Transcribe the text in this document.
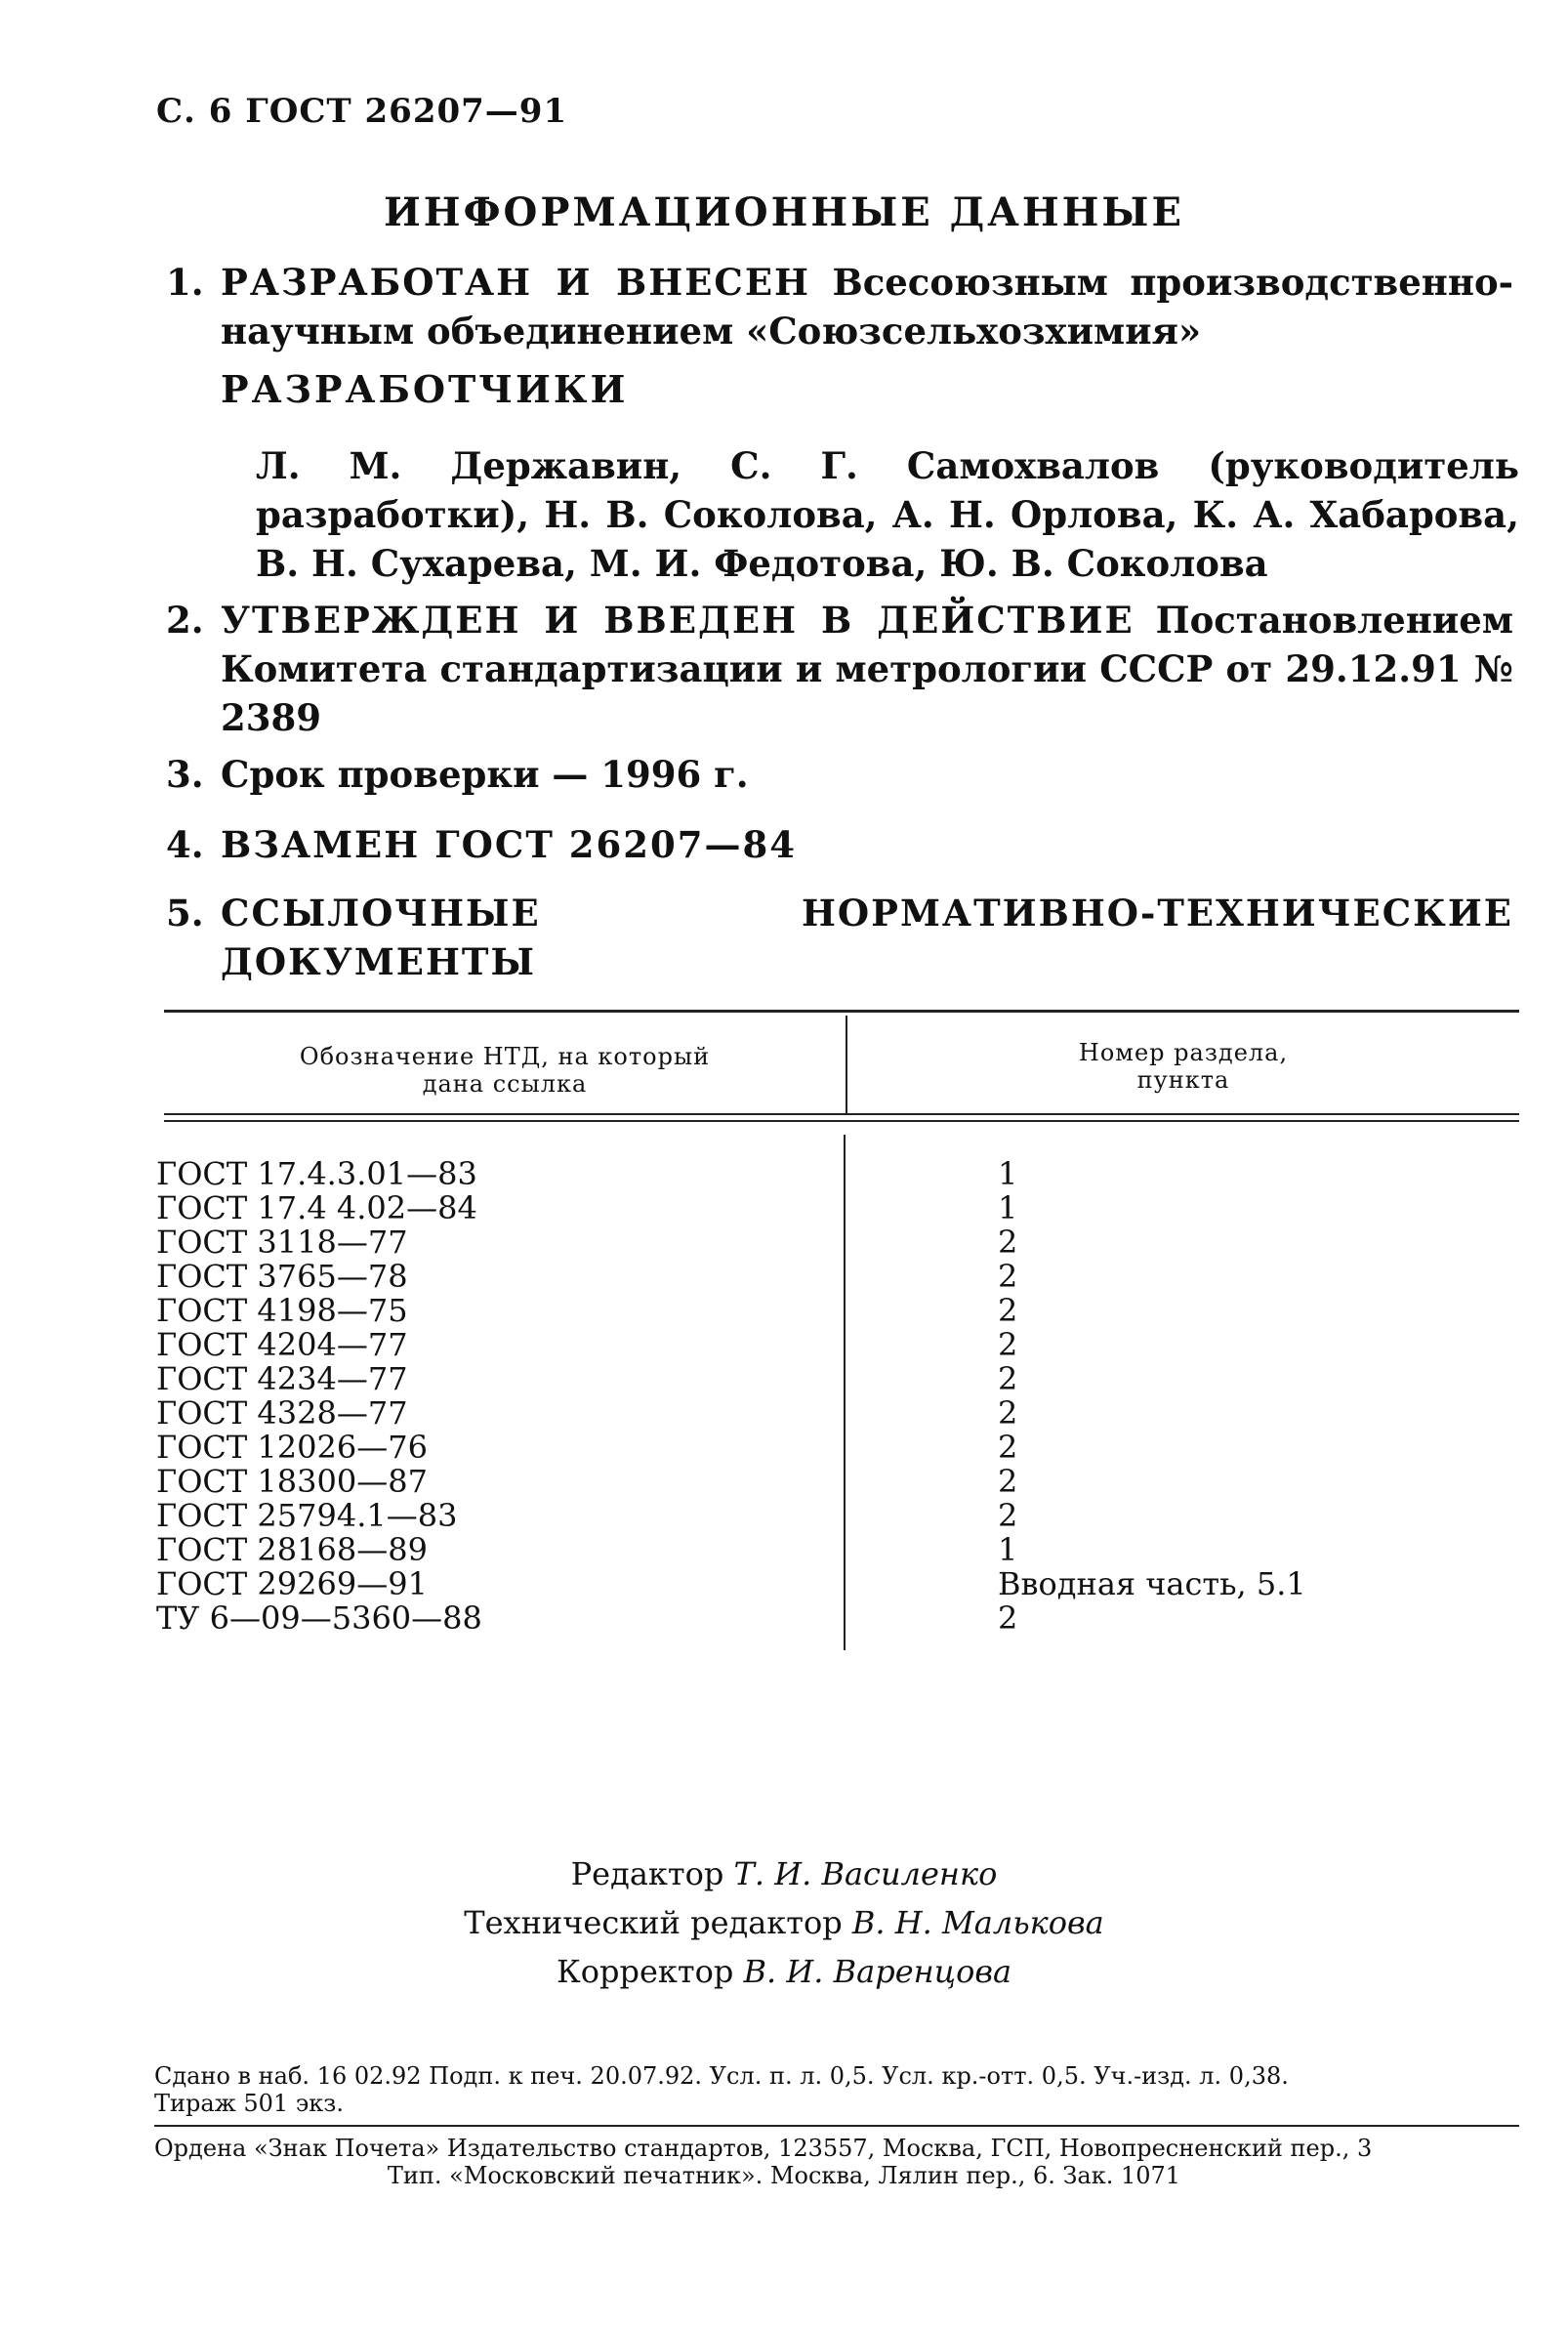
С. 6 ГОСТ 26207—91
ИНФОРМАЦИОННЫЕ ДАННЫЕ
1. РАЗРАБОТАН И ВНЕСЕН Всесоюзным производственно-научным объединением «Союзсельхозхимия»
РАЗРАБОТЧИКИ
Л. М. Державин, С. Г. Самохвалов (руководитель разработки), Н. В. Соколова, А. Н. Орлова, К. А. Хабарова, В. Н. Сухарева, М. И. Федотова, Ю. В. Соколова
2. УТВЕРЖДЕН И ВВЕДЕН В ДЕЙСТВИЕ Постановлением Комитета стандартизации и метрологии СССР от 29.12.91 № 2389
3. Срок проверки — 1996 г.
4. ВЗАМЕН ГОСТ 26207—84
5. ССЫЛОЧНЫЕ НОРМАТИВНО-ТЕХНИЧЕСКИЕ ДОКУМЕНТЫ
Обозначение НТД, на который
дана ссылка
Номер раздела,
пункта
ГОСТ 17.4.3.01—83
ГОСТ 17.4 4.02—84
ГОСТ 3118—77
ГОСТ 3765—78
ГОСТ 4198—75
ГОСТ 4204—77
ГОСТ 4234—77
ГОСТ 4328—77
ГОСТ 12026—76
ГОСТ 18300—87
ГОСТ 25794.1—83
ГОСТ 28168—89
ГОСТ 29269—91
ТУ 6—09—5360—88
1
1
2
2
2
2
2
2
2
2
2
1
Вводная часть, 5.1
2
Редактор Т. И. Василенко
Технический редактор В. Н. Малькова
Корректор В. И. Варенцова
Сдано в наб. 16 02.92 Подп. к печ. 20.07.92. Усл. п. л. 0,5. Усл. кр.-отт. 0,5. Уч.-изд. л. 0,38.
Тираж 501 экз.
Ордена «Знак Почета» Издательство стандартов, 123557, Москва, ГСП, Новопресненский пер., 3
Тип. «Московский печатник». Москва, Лялин пер., 6. Зак. 1071
